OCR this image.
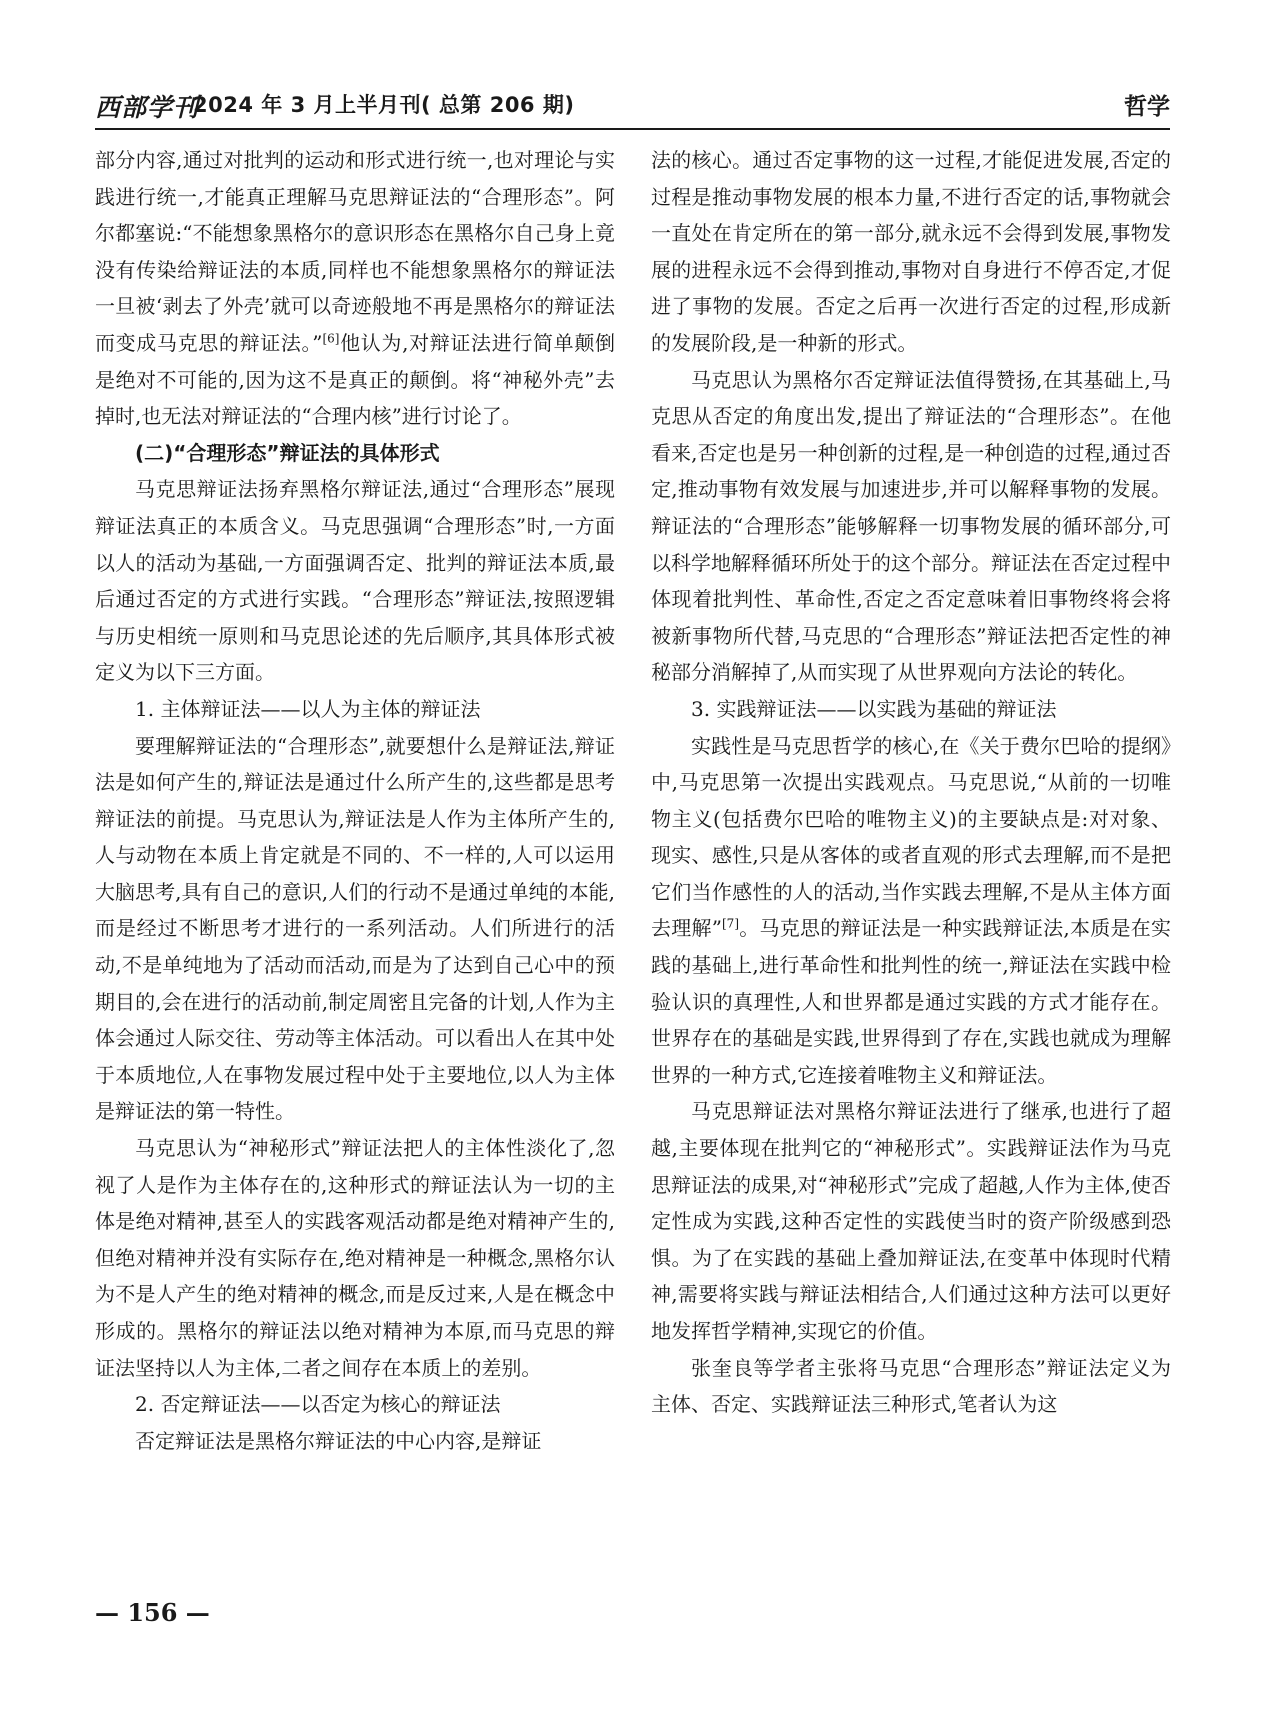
西部学刊
2024 年 3 月上半月刊( 总第 206 期)	哲学

部分内容,通过对批判的运动和形式进行统一,也对理论与实践进行统一,才能真正理解马克思辩证法的“合理形态”。阿尔都塞说:“不能想象黑格尔的意识形态在黑格尔自己身上竟没有传染给辩证法的本质,同样也不能想象黑格尔的辩证法一旦被‘剥去了外壳’就可以奇迹般地不再是黑格尔的辩证法而变成马克思的辩证法。”[6]他认为,对辩证法进行简单颠倒是绝对不可能的,因为这不是真正的颠倒。将“神秘外壳”去掉时,也无法对辩证法的“合理内核”进行讨论了。

(二)“合理形态”辩证法的具体形式

马克思辩证法扬弃黑格尔辩证法,通过“合理形态”展现辩证法真正的本质含义。马克思强调“合理形态”时,一方面以人的活动为基础,一方面强调否定、批判的辩证法本质,最后通过否定的方式进行实践。“合理形态”辩证法,按照逻辑与历史相统一原则和马克思论述的先后顺序,其具体形式被定义为以下三方面。

1. 主体辩证法——以人为主体的辩证法

要理解辩证法的“合理形态”,就要想什么是辩证法,辩证法是如何产生的,辩证法是通过什么所产生的,这些都是思考辩证法的前提。马克思认为,辩证法是人作为主体所产生的,人与动物在本质上肯定就是不同的、不一样的,人可以运用大脑思考,具有自己的意识,人们的行动不是通过单纯的本能,而是经过不断思考才进行的一系列活动。人们所进行的活动,不是单纯地为了活动而活动,而是为了达到自己心中的预期目的,会在进行的活动前,制定周密且完备的计划,人作为主体会通过人际交往、劳动等主体活动。可以看出人在其中处于本质地位,人在事物发展过程中处于主要地位,以人为主体是辩证法的第一特性。

马克思认为“神秘形式”辩证法把人的主体性淡化了,忽视了人是作为主体存在的,这种形式的辩证法认为一切的主体是绝对精神,甚至人的实践客观活动都是绝对精神产生的,但绝对精神并没有实际存在,绝对精神是一种概念,黑格尔认为不是人产生的绝对精神的概念,而是反过来,人是在概念中形成的。黑格尔的辩证法以绝对精神为本原,而马克思的辩证法坚持以人为主体,二者之间存在本质上的差别。

2. 否定辩证法——以否定为核心的辩证法

否定辩证法是黑格尔辩证法的中心内容,是辩证

法的核心。通过否定事物的这一过程,才能促进发展,否定的过程是推动事物发展的根本力量,不进行否定的话,事物就会一直处在肯定所在的第一部分,就永远不会得到发展,事物发展的进程永远不会得到推动,事物对自身进行不停否定,才促进了事物的发展。否定之后再一次进行否定的过程,形成新的发展阶段,是一种新的形式。

马克思认为黑格尔否定辩证法值得赞扬,在其基础上,马克思从否定的角度出发,提出了辩证法的“合理形态”。在他看来,否定也是另一种创新的过程,是一种创造的过程,通过否定,推动事物有效发展与加速进步,并可以解释事物的发展。辩证法的“合理形态”能够解释一切事物发展的循环部分,可以科学地解释循环所处于的这个部分。辩证法在否定过程中体现着批判性、革命性,否定之否定意味着旧事物终将会将被新事物所代替,马克思的“合理形态”辩证法把否定性的神秘部分消解掉了,从而实现了从世界观向方法论的转化。

3. 实践辩证法——以实践为基础的辩证法

实践性是马克思哲学的核心,在《关于费尔巴哈的提纲》中,马克思第一次提出实践观点。马克思说,“从前的一切唯物主义(包括费尔巴哈的唯物主义)的主要缺点是:对对象、现实、感性,只是从客体的或者直观的形式去理解,而不是把它们当作感性的人的活动,当作实践去理解,不是从主体方面去理解”[7]。马克思的辩证法是一种实践辩证法,本质是在实践的基础上,进行革命性和批判性的统一,辩证法在实践中检验认识的真理性,人和世界都是通过实践的方式才能存在。世界存在的基础是实践,世界得到了存在,实践也就成为理解世界的一种方式,它连接着唯物主义和辩证法。

马克思辩证法对黑格尔辩证法进行了继承,也进行了超越,主要体现在批判它的“神秘形式”。实践辩证法作为马克思辩证法的成果,对“神秘形式”完成了超越,人作为主体,使否定性成为实践,这种否定性的实践使当时的资产阶级感到恐惧。为了在实践的基础上叠加辩证法,在变革中体现时代精神,需要将实践与辩证法相结合,人们通过这种方法可以更好地发挥哲学精神,实现它的价值。

张奎良等学者主张将马克思“合理形态”辩证法定义为主体、否定、实践辩证法三种形式,笔者认为这

— 156 —
